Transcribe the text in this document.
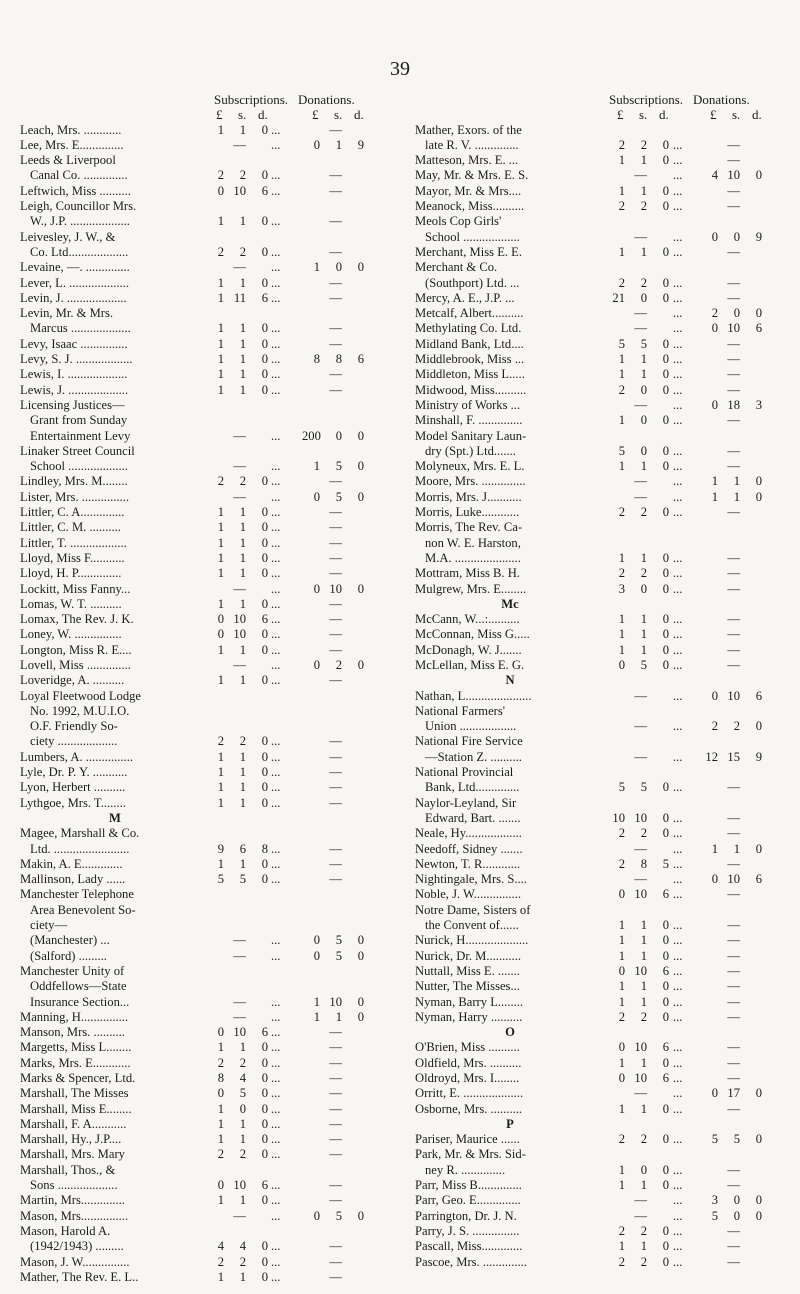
39
Subscriptions. Donations.
£ s. d.	£ s. d.
Leach, Mrs. ............	1	1	0 ...	—
Lee, Mrs. E..............	— ...	0	1	9
Leeds & Liverpool
Canal Co. ..............	2	2	0 ...	—
Leftwich, Miss ..........	0 10	6 ...	—
Leigh, Councillor Mrs.
W., J.P. ...................	1	1	0 ...	—
Leivesley, J. W., &
Co. Ltd...................	2	2	0 ...	—
Levaine, —. ..............	— ...	1	0	0
Lever, L. ...................	1	1	0 ...	—
Levin, J. ...................	1 11	6 ...	—
Levin, Mr. & Mrs.
Marcus ...................	1	1	0 ...	—
Levy, Isaac ...............	1	1	0 ...	—
Levy, S. J. ..................	1	1	0 ...	8	8	6
Lewis, I. ...................	1	1	0 ...	—
Lewis, J. ...................	1	1	0 ...	—
Licensing Justices—
Grant from Sunday
Entertainment Levy	— ... 200	0	0
Linaker Street Council
School ...................	— ...	1	5	0
Lindley, Mrs. M........	2	2	0 ...	—
Lister, Mrs. ...............	— ...	0	5	0
Littler, C. A..............	1	1	0 ...	—
Littler, C. M. ..........	1	1	0 ...	—
Littler, T. ..................	1	1	0 ...	—
Lloyd, Miss F...........	1	1	0 ...	—
Lloyd, H. P..............	1	1	0 ...	—
Lockitt, Miss Fanny...	— ...	0 10	0
Lomas, W. T. ..........	1	1	0 ...	—
Lomax, The Rev. J. K.	0 10	6 ...	—
Loney, W. ...............	0 10	0 ...	—
Longton, Miss R. E....	1	1	0 ...	—
Lovell, Miss ..............	— ...	0	2	0
Loveridge, A. ..........	1	1	0 ...	—
Loyal Fleetwood Lodge
No. 1992, M.U.I.O.
O.F. Friendly So-
ciety ...................	2	2	0 ...	—
Lumbers, A. ...............	1	1	0 ...	—
Lyle, Dr. P. Y. ...........	1	1	0 ...	—
Lyon, Herbert ..........	1	1	0 ...	—
Lythgoe, Mrs. T........	1	1	0 ...	—
M
Magee, Marshall & Co.
Ltd. ........................	9	6	8 ...	—
Makin, A. E.............	1	1	0 ...	—
Mallinson, Lady ......	5	5	0 ...	—
Manchester Telephone
Area Benevolent So-
ciety—
(Manchester) ...	— ...	0	5	0
(Salford) .........	— ...	0	5	0
Manchester Unity of
Oddfellows—State
Insurance Section...	— ...	1 10	0
Manning, H...............	— ...	1	1	0
Manson, Mrs. ..........	0 10	6 ...	—
Margetts, Miss L........	1	1	0 ...	—
Marks, Mrs. E............	2	2	0 ...	—
Marks & Spencer, Ltd.	8	4	0 ...	—
Marshall, The Misses	0	5	0 ...	—
Marshall, Miss E........	1	0	0 ...	—
Marshall, F. A...........	1	1	0 ...	—
Marshall, Hy., J.P....	1	1	0 ...	—
Marshall, Mrs. Mary	2	2	0 ...	—
Marshall, Thos., &
Sons ...................	0 10	6 ...	—
Martin, Mrs..............	1	1	0 ...	—
Mason, Mrs...............	— ...	0	5	0
Mason, Harold A.
(1942/1943) .........	4	4	0 ...	—
Mason, J. W...............	2	2	0 ...	—
Mather, The Rev. E. L..	1	1	0 ...	—
Subscriptions. Donations.
£ s. d.	£ s. d.
Mather, Exors. of the
late R. V. ..............	2	2	0 ...	—
Matteson, Mrs. E. ...	1	1	0 ...	—
May, Mr. & Mrs. E. S.	— ...	4 10	0
Mayor, Mr. & Mrs....	1	1	0 ...	—
Meanock, Miss..........	2	2	0 ...	—
Meols Cop Girls'
School ..................	— ...	0	0	9
Merchant, Miss E. E.	1	1	0 ...	—
Merchant & Co.
(Southport) Ltd. ...	2	2	0 ...	—
Mercy, A. E., J.P. ...	21	0	0 ...	—
Metcalf, Albert..........	— ...	2	0	0
Methylating Co. Ltd.	— ...	0 10	6
Midland Bank, Ltd....	5	5	0 ...	—
Middlebrook, Miss ...	1	1	0 ...	—
Middleton, Miss L.....	1	1	0 ...	—
Midwood, Miss..........	2	0	0 ...	—
Ministry of Works ...	— ...	0 18	3
Minshall, F. ..............	1	0	0 ...	—
Model Sanitary Laun-
dry (Spt.) Ltd.......	5	0	0 ...	—
Molyneux, Mrs. E. L.	1	1	0 ...	—
Moore, Mrs. ..............	— ...	1	1	0
Morris, Mrs. J...........	— ...	1	1	0
Morris, Luke............	2	2	0 ...	—
Morris, The Rev. Ca-
non W. E. Harston,
M.A. .....................	1	1	0 ...	—
Mottram, Miss B. H.	2	2	0 ...	—
Mulgrew, Mrs. E........	3	0	0 ...	—
Mc
McCann, W...:..........	1	1	0 ...	—
McConnan, Miss G.....	1	1	0 ...	—
McDonagh, W. J.......	1	1	0 ...	—
McLellan, Miss E. G.	0	5	0 ...	—
N
Nathan, L.....................	— ...	0 10	6
National Farmers'
Union ..................	— ...	2	2	0
National Fire Service
—Station Z. ..........	— ...	12 15	9
National Provincial
Bank, Ltd..............	5	5	0 ...	—
Naylor-Leyland, Sir
Edward, Bart. .......	10 10	0 ...	—
Neale, Hy..................	2	2	0 ...	—
Needoff, Sidney .......	— ...	1	1	0
Newton, T. R............	2	8	5 ...	—
Nightingale, Mrs. S....	— ...	0 10	6
Noble, J. W...............	0 10	6 ...	—
Notre Dame, Sisters of
the Convent of......	1	1	0 ...	—
Nurick, H....................	1	1	0 ...	—
Nurick, Dr. M...........	1	1	0 ...	—
Nuttall, Miss E. .......	0 10	6 ...	—
Nutter, The Misses...	1	1	0 ...	—
Nyman, Barry L........	1	1	0 ...	—
Nyman, Harry ..........	2	2	0 ...	—
O
O'Brien, Miss ..........	0 10	6 ...	—
Oldfield, Mrs. ..........	1	1	0 ...	—
Oldroyd, Mrs. I........	0 10	6 ...	—
Orritt, E. ...................	— ...	0 17	0
Osborne, Mrs. ..........	1	1	0 ...	—
P
Pariser, Maurice ......	2	2	0 ...	5	5	0
Park, Mr. & Mrs. Sid-
ney R. ..............	1	0	0 ...	—
Parr, Miss B..............	1	1	0 ...	—
Parr, Geo. E..............	— ...	3	0	0
Parrington, Dr. J. N.	— ...	5	0	0
Parry, J. S. ...............	2	2	0 ...	—
Pascall, Miss.............	1	1	0 ...	—
Pascoe, Mrs. ..............	2	2	0 ...	—
